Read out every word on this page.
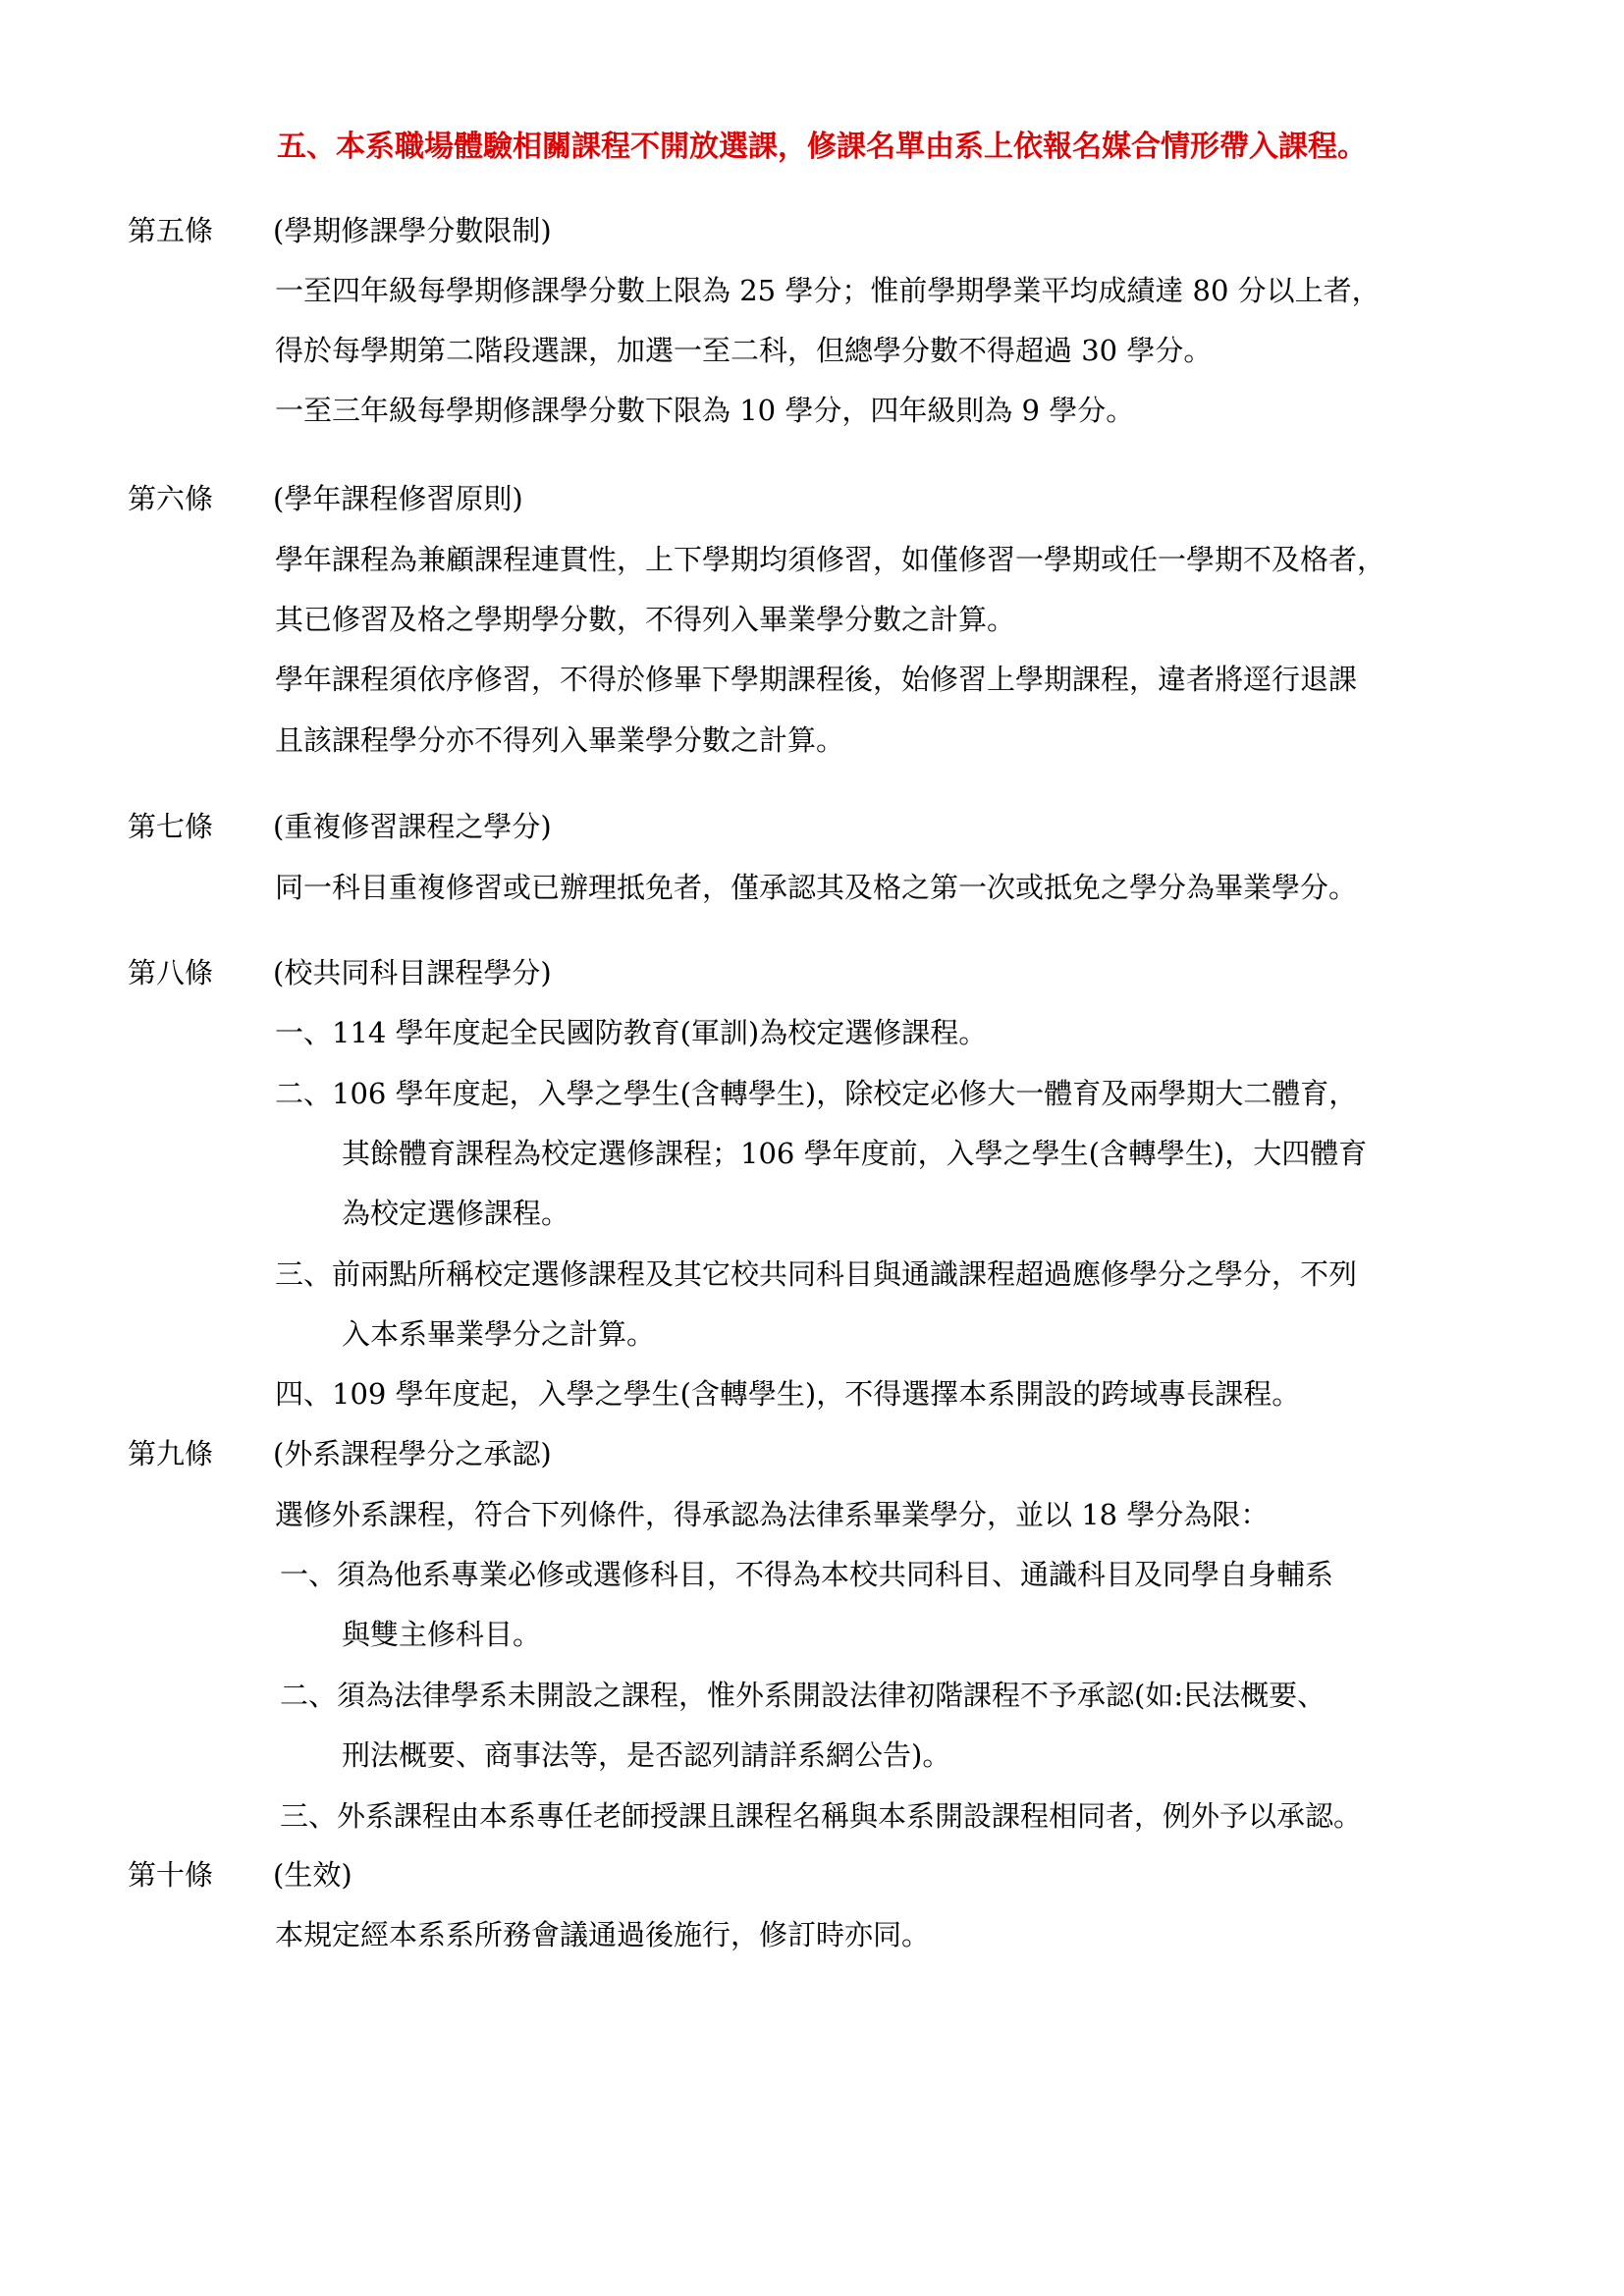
五、本系職場體驗相關課程不開放選課，修課名單由系上依報名媒合情形帶入課程。
第五條 (學期修課學分數限制)
一至四年級每學期修課學分數上限為 25 學分；惟前學期學業平均成績達 80 分以上者，
得於每學期第二階段選課，加選一至二科，但總學分數不得超過 30 學分。
一至三年級每學期修課學分數下限為 10 學分，四年級則為 9 學分。
第六條 (學年課程修習原則)
學年課程為兼顧課程連貫性，上下學期均須修習，如僅修習一學期或任一學期不及格者，
其已修習及格之學期學分數，不得列入畢業學分數之計算。
學年課程須依序修習，不得於修畢下學期課程後，始修習上學期課程，違者將逕行退課
且該課程學分亦不得列入畢業學分數之計算。
第七條 (重複修習課程之學分)
同一科目重複修習或已辦理抵免者，僅承認其及格之第一次或抵免之學分為畢業學分。
第八條 (校共同科目課程學分)
一、114 學年度起全民國防教育(軍訓)為校定選修課程。
二、106 學年度起，入學之學生(含轉學生)，除校定必修大一體育及兩學期大二體育，
其餘體育課程為校定選修課程；106 學年度前，入學之學生(含轉學生)，大四體育
為校定選修課程。
三、前兩點所稱校定選修課程及其它校共同科目與通識課程超過應修學分之學分，不列
入本系畢業學分之計算。
四、109 學年度起，入學之學生(含轉學生)，不得選擇本系開設的跨域專長課程。
第九條 (外系課程學分之承認)
選修外系課程，符合下列條件，得承認為法律系畢業學分，並以 18 學分為限：
一、須為他系專業必修或選修科目，不得為本校共同科目、通識科目及同學自身輔系
與雙主修科目。
二、須為法律學系未開設之課程，惟外系開設法律初階課程不予承認(如:民法概要、
刑法概要、商事法等，是否認列請詳系網公告)。
三、外系課程由本系專任老師授課且課程名稱與本系開設課程相同者，例外予以承認。
第十條 (生效)
本規定經本系系所務會議通過後施行，修訂時亦同。
